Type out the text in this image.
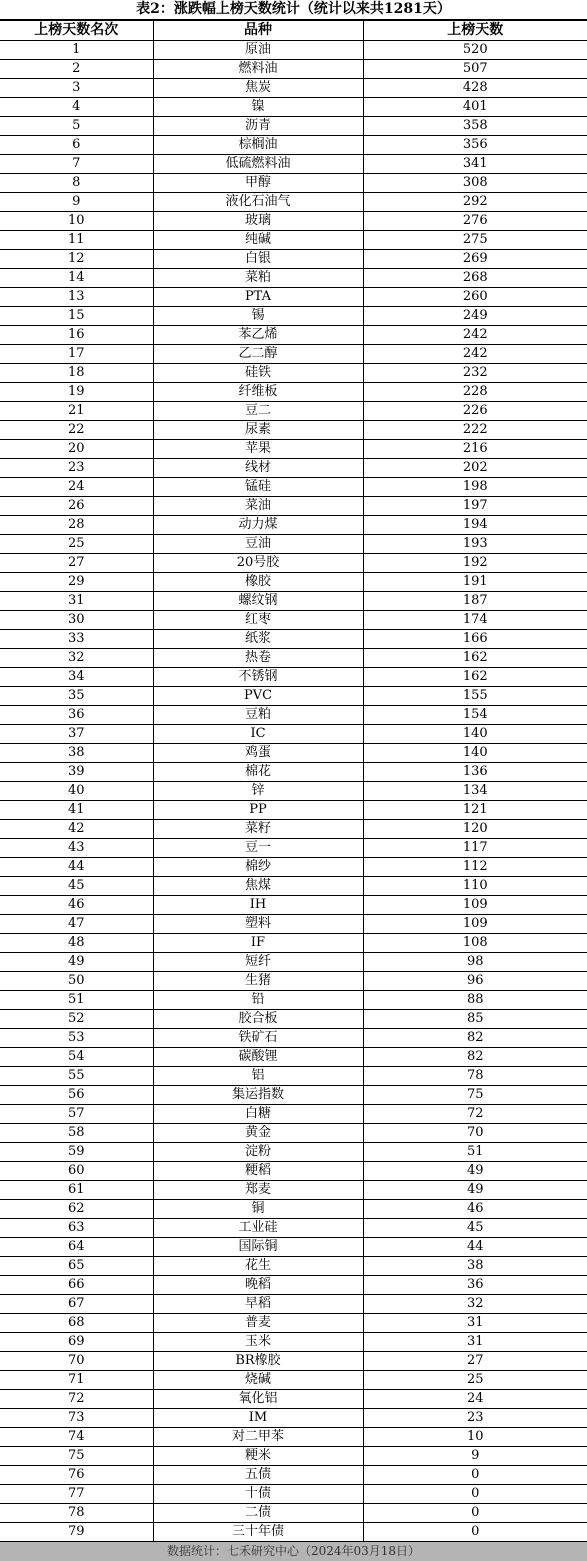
表2：涨跌幅上榜天数统计（统计以来共1281天）
上榜天数名次	品种	上榜天数
1	原油	520
2	燃料油	507
3	焦炭	428
4	镍	401
5	沥青	358
6	棕榈油	356
7	低硫燃料油	341
8	甲醇	308
9	液化石油气	292
10	玻璃	276
11	纯碱	275
12	白银	269
14	菜粕	268
13	PTA	260
15	锡	249
16	苯乙烯	242
17	乙二醇	242
18	硅铁	232
19	纤维板	228
21	豆二	226
22	尿素	222
20	苹果	216
23	线材	202
24	锰硅	198
26	菜油	197
28	动力煤	194
25	豆油	193
27	20号胶	192
29	橡胶	191
31	螺纹钢	187
30	红枣	174
33	纸浆	166
32	热卷	162
34	不锈钢	162
35	PVC	155
36	豆粕	154
37	IC	140
38	鸡蛋	140
39	棉花	136
40	锌	134
41	PP	121
42	菜籽	120
43	豆一	117
44	棉纱	112
45	焦煤	110
46	IH	109
47	塑料	109
48	IF	108
49	短纤	98
50	生猪	96
51	铅	88
52	胶合板	85
53	铁矿石	82
54	碳酸锂	82
55	铝	78
56	集运指数	75
57	白糖	72
58	黄金	70
59	淀粉	51
60	粳稻	49
61	郑麦	49
62	铜	46
63	工业硅	45
64	国际铜	44
65	花生	38
66	晚稻	36
67	早稻	32
68	普麦	31
69	玉米	31
70	BR橡胶	27
71	烧碱	25
72	氧化铝	24
73	IM	23
74	对二甲苯	10
75	粳米	9
76	五债	0
77	十债	0
78	二债	0
79	三十年债	0
数据统计：七禾研究中心（2024年03月18日）
